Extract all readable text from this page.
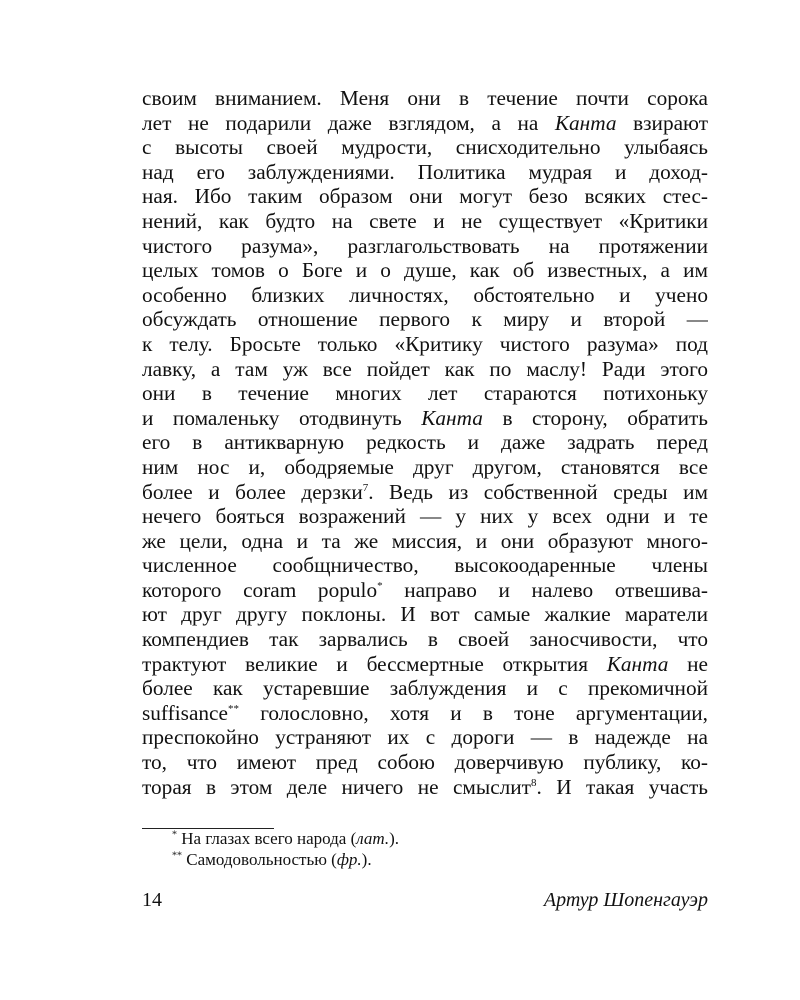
своим вниманием. Меня они в течение почти сорока
лет не подарили даже взглядом, а на Канта взирают
с высоты своей мудрости, снисходительно улыбаясь
над его заблуждениями. Политика мудрая и доход-
ная. Ибо таким образом они могут безо всяких стес-
нений, как будто на свете и не существует «Критики
чистого разума», разглагольствовать на протяжении
целых томов о Боге и о душе, как об известных, а им
особенно близких личностях, обстоятельно и учено
обсуждать отношение первого к миру и второй —
к телу. Бросьте только «Критику чистого разума» под
лавку, а там уж все пойдет как по маслу! Ради этого
они в течение многих лет стараются потихоньку
и помаленьку отодвинуть Канта в сторону, обратить
его в антикварную редкость и даже задрать перед
ним нос и, ободряемые друг другом, становятся все
более и более дерзки$^7$. Ведь из собственной среды им
нечего бояться возражений — у них у всех одни и те
же цели, одна и та же миссия, и они образуют много-
численное сообщничество, высокоодаренные члены
которого coram populo* направо и налево отвешива-
ют друг другу поклоны. И вот самые жалкие маратели
компендиев так зарвались в своей заносчивости, что
трактуют великие и бессмертные открытия Канта не
более как устаревшие заблуждения и с прекомичной
suffisance** голословно, хотя и в тоне аргументации,
преспокойно устраняют их с дороги — в надежде на
то, что имеют пред собою доверчивую публику, ко-
торая в этом деле ничего не смыслит$^8$. И такая участь
* На глазах всего народа (лат.).
** Самодовольностью (фр.).
14	Артур Шопенгауэр
